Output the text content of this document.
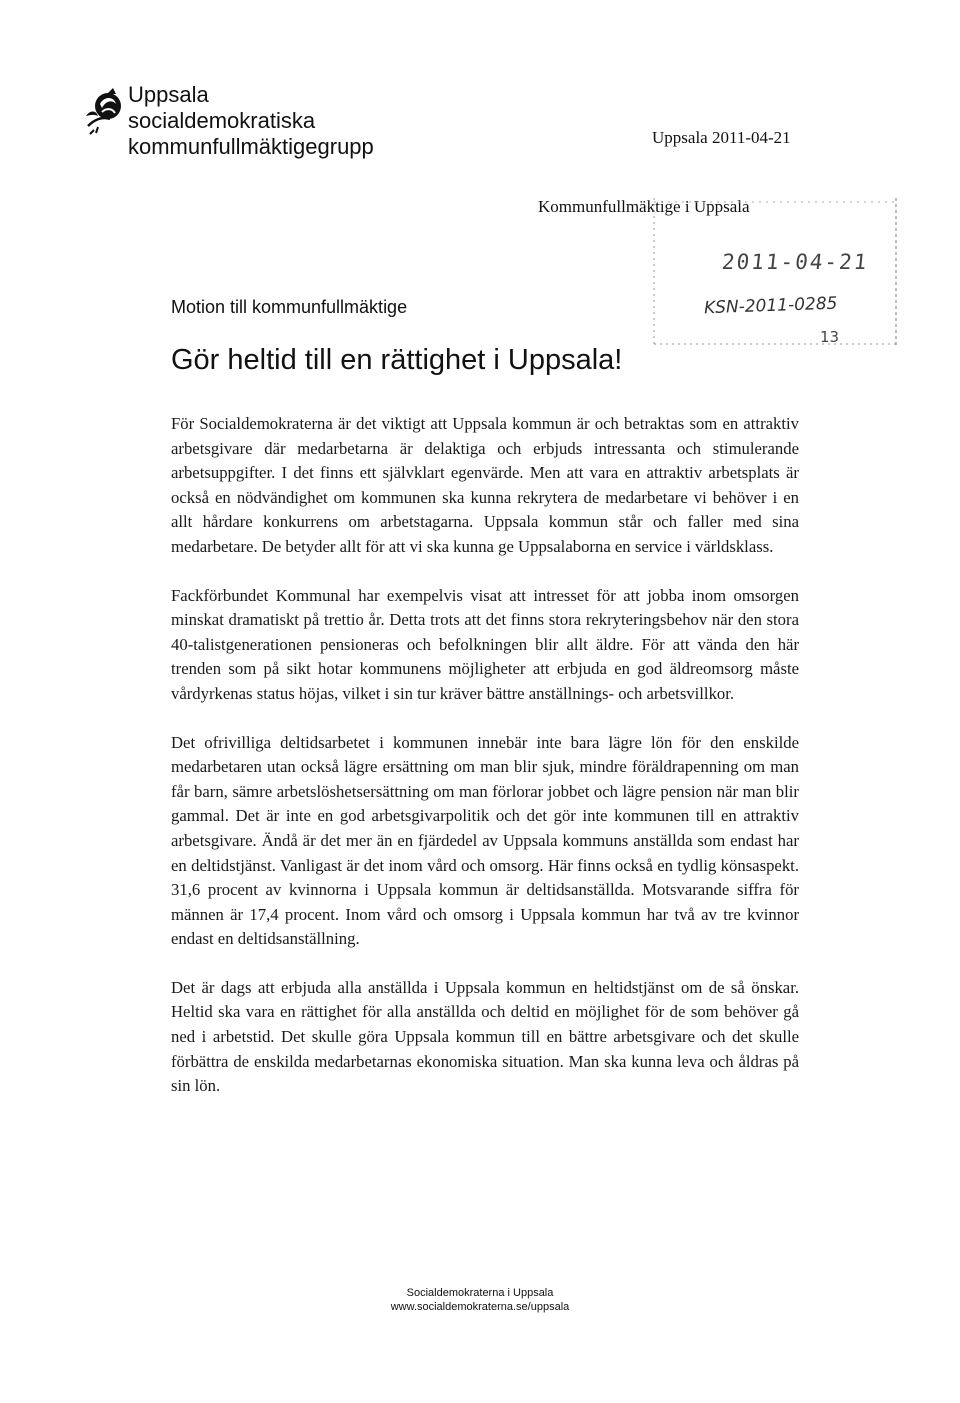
Uppsala
socialdemokratiska
kommunfullmäktigegrupp	Uppsala 2011-04-21
Kommunfullmäktige i Uppsala
2011-04-21
KSN-2011-0285
13
Motion till kommunfullmäktige
Gör heltid till en rättighet i Uppsala!

För Socialdemokraterna är det viktigt att Uppsala kommun är och betraktas som en attraktiv arbetsgivare där medarbetarna är delaktiga och erbjuds intressanta och stimulerande arbetsuppgifter. I det finns ett självklart egenvärde. Men att vara en attraktiv arbetsplats är också en nödvändighet om kommunen ska kunna rekrytera de medarbetare vi behöver i en allt hårdare konkurrens om arbetstagarna. Uppsala kommun står och faller med sina medarbetare. De betyder allt för att vi ska kunna ge Uppsalaborna en service i världsklass.

Fackförbundet Kommunal har exempelvis visat att intresset för att jobba inom omsorgen minskat dramatiskt på trettio år. Detta trots att det finns stora rekryteringsbehov när den stora 40-talistgenerationen pensioneras och befolkningen blir allt äldre. För att vända den här trenden som på sikt hotar kommunens möjligheter att erbjuda en god äldreomsorg måste vårdyrkenas status höjas, vilket i sin tur kräver bättre anställnings- och arbetsvillkor.

Det ofrivilliga deltidsarbetet i kommunen innebär inte bara lägre lön för den enskilde medarbetaren utan också lägre ersättning om man blir sjuk, mindre föräldrapenning om man får barn, sämre arbetslöshetsersättning om man förlorar jobbet och lägre pension när man blir gammal. Det är inte en god arbetsgivarpolitik och det gör inte kommunen till en attraktiv arbetsgivare. Ändå är det mer än en fjärdedel av Uppsala kommuns anställda som endast har en deltidstjänst. Vanligast är det inom vård och omsorg. Här finns också en tydlig könsaspekt. 31,6 procent av kvinnorna i Uppsala kommun är deltidsanställda. Motsvarande siffra för männen är 17,4 procent. Inom vård och omsorg i Uppsala kommun har två av tre kvinnor endast en deltidsanställning.

Det är dags att erbjuda alla anställda i Uppsala kommun en heltidstjänst om de så önskar. Heltid ska vara en rättighet för alla anställda och deltid en möjlighet för de som behöver gå ned i arbetstid. Det skulle göra Uppsala kommun till en bättre arbetsgivare och det skulle förbättra de enskilda medarbetarnas ekonomiska situation. Man ska kunna leva och åldras på sin lön.

Socialdemokraterna i Uppsala
www.socialdemokraterna.se/uppsala
